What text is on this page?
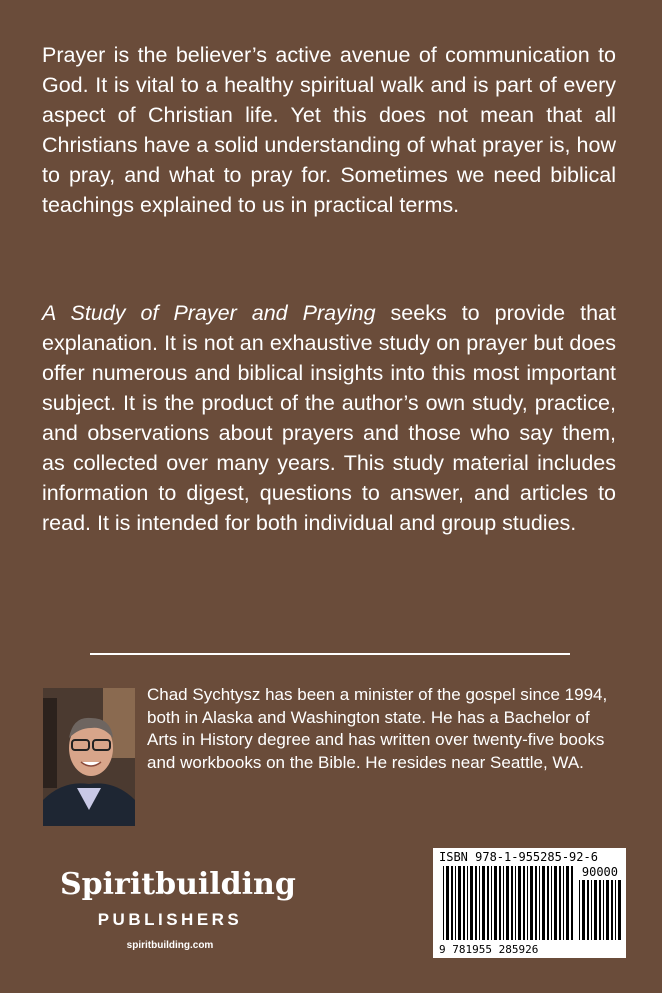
Prayer is the believer’s active avenue of communication to God. It is vital to a healthy spiritual walk and is part of every aspect of Christian life. Yet this does not mean that all Christians have a solid understanding of what prayer is, how to pray, and what to pray for. Sometimes we need biblical teachings explained to us in practical terms.

A Study of Prayer and Praying seeks to provide that explanation. It is not an exhaustive study on prayer but does offer numerous and biblical insights into this most important subject. It is the product of the author’s own study, practice, and observations about prayers and those who say them, as collected over many years. This study material includes information to digest, questions to answer, and articles to read. It is intended for both individual and group studies.

Chad Sychtysz has been a minister of the gospel since 1994, both in Alaska and Washington state. He has a Bachelor of Arts in History degree and has written over twenty-five books and workbooks on the Bible. He resides near Seattle, WA.

Spiritbuilding
PUBLISHERS
spiritbuilding.com
ISBN 978-1-955285-92-6
90000
9 781955 285926
